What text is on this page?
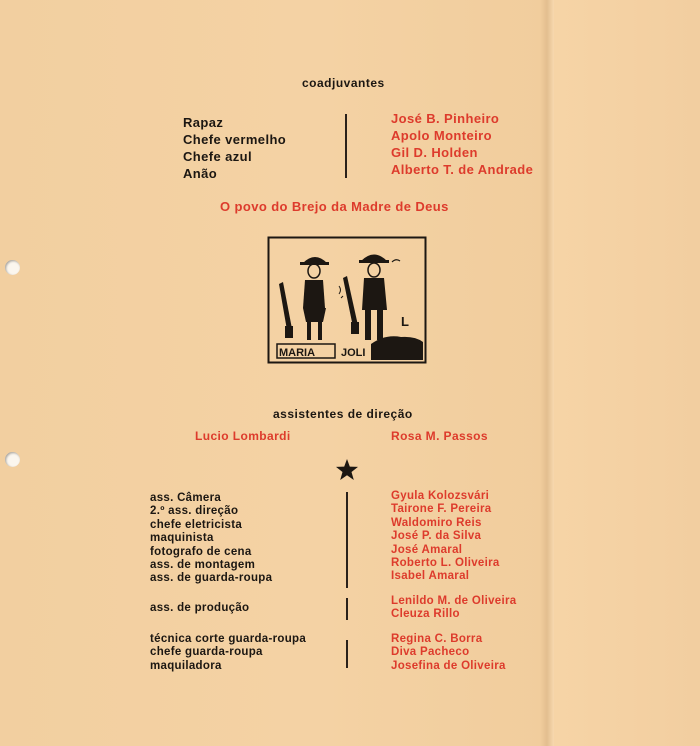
coadjuvantes
Rapaz
Chefe vermelho
Chefe azul
Anão
José B. Pinheiro
Apolo Monteiro
Gil D. Holden
Alberto T. de Andrade
O povo do Brejo da Madre de Deus
L
MARIA JOLI
assistentes de direção
Lucio Lombardi	Rosa M. Passos
ass. Câmera
2.º ass. direção
chefe eletricista
maquinista
fotografo de cena
ass. de montagem
ass. de guarda-roupa
Gyula Kolozsvári
Tairone F. Pereira
Waldomiro Reis
José P. da Silva
José Amaral
Roberto L. Oliveira
Isabel Amaral
ass. de produção
Lenildo M. de Oliveira
Cleuza Rillo
técnica corte guarda-roupa
chefe guarda-roupa
maquiladora
Regina C. Borra
Diva Pacheco
Josefina de Oliveira
